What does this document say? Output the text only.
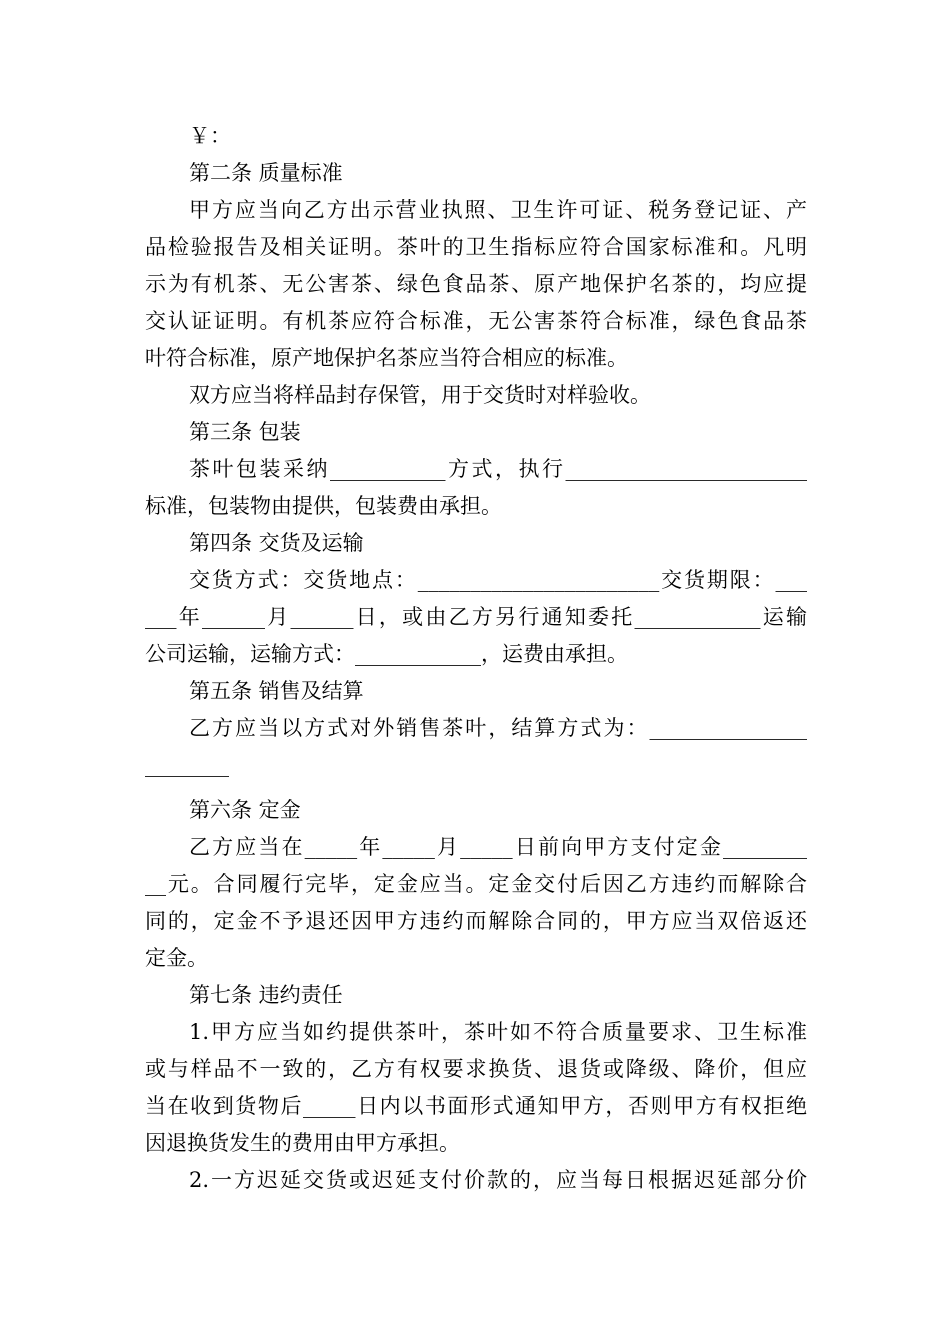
￥：
第二条 质量标准
甲方应当向乙方出示营业执照、卫生许可证、税务登记证、产
品检验报告及相关证明。茶叶的卫生指标应符合国家标准和。凡明
示为有机茶、无公害茶、绿色食品茶、原产地保护名茶的，均应提
交认证证明。有机茶应符合标准，无公害茶符合标准，绿色食品茶
叶符合标准，原产地保护名茶应当符合相应的标准。
双方应当将样品封存保管，用于交货时对样验收。
第三条 包装
茶叶包装采纳___________方式，执行_______________________
标准，包装物由提供，包装费由承担。
第四条 交货及运输
交货方式：交货地点：_______________________交货期限：___
___年______月______日，或由乙方另行通知委托____________运输
公司运输，运输方式：____________，运费由承担。
第五条 销售及结算
乙方应当以方式对外销售茶叶，结算方式为：_______________
________
第六条 定金
乙方应当在_____年_____月_____日前向甲方支付定金________
__元。合同履行完毕，定金应当。定金交付后因乙方违约而解除合
同的，定金不予退还因甲方违约而解除合同的，甲方应当双倍返还
定金。
第七条 违约责任
1.甲方应当如约提供茶叶，茶叶如不符合质量要求、卫生标准
或与样品不一致的，乙方有权要求换货、退货或降级、降价，但应
当在收到货物后_____日内以书面形式通知甲方，否则甲方有权拒绝
因退换货发生的费用由甲方承担。
2.一方迟延交货或迟延支付价款的，应当每日根据迟延部分价
